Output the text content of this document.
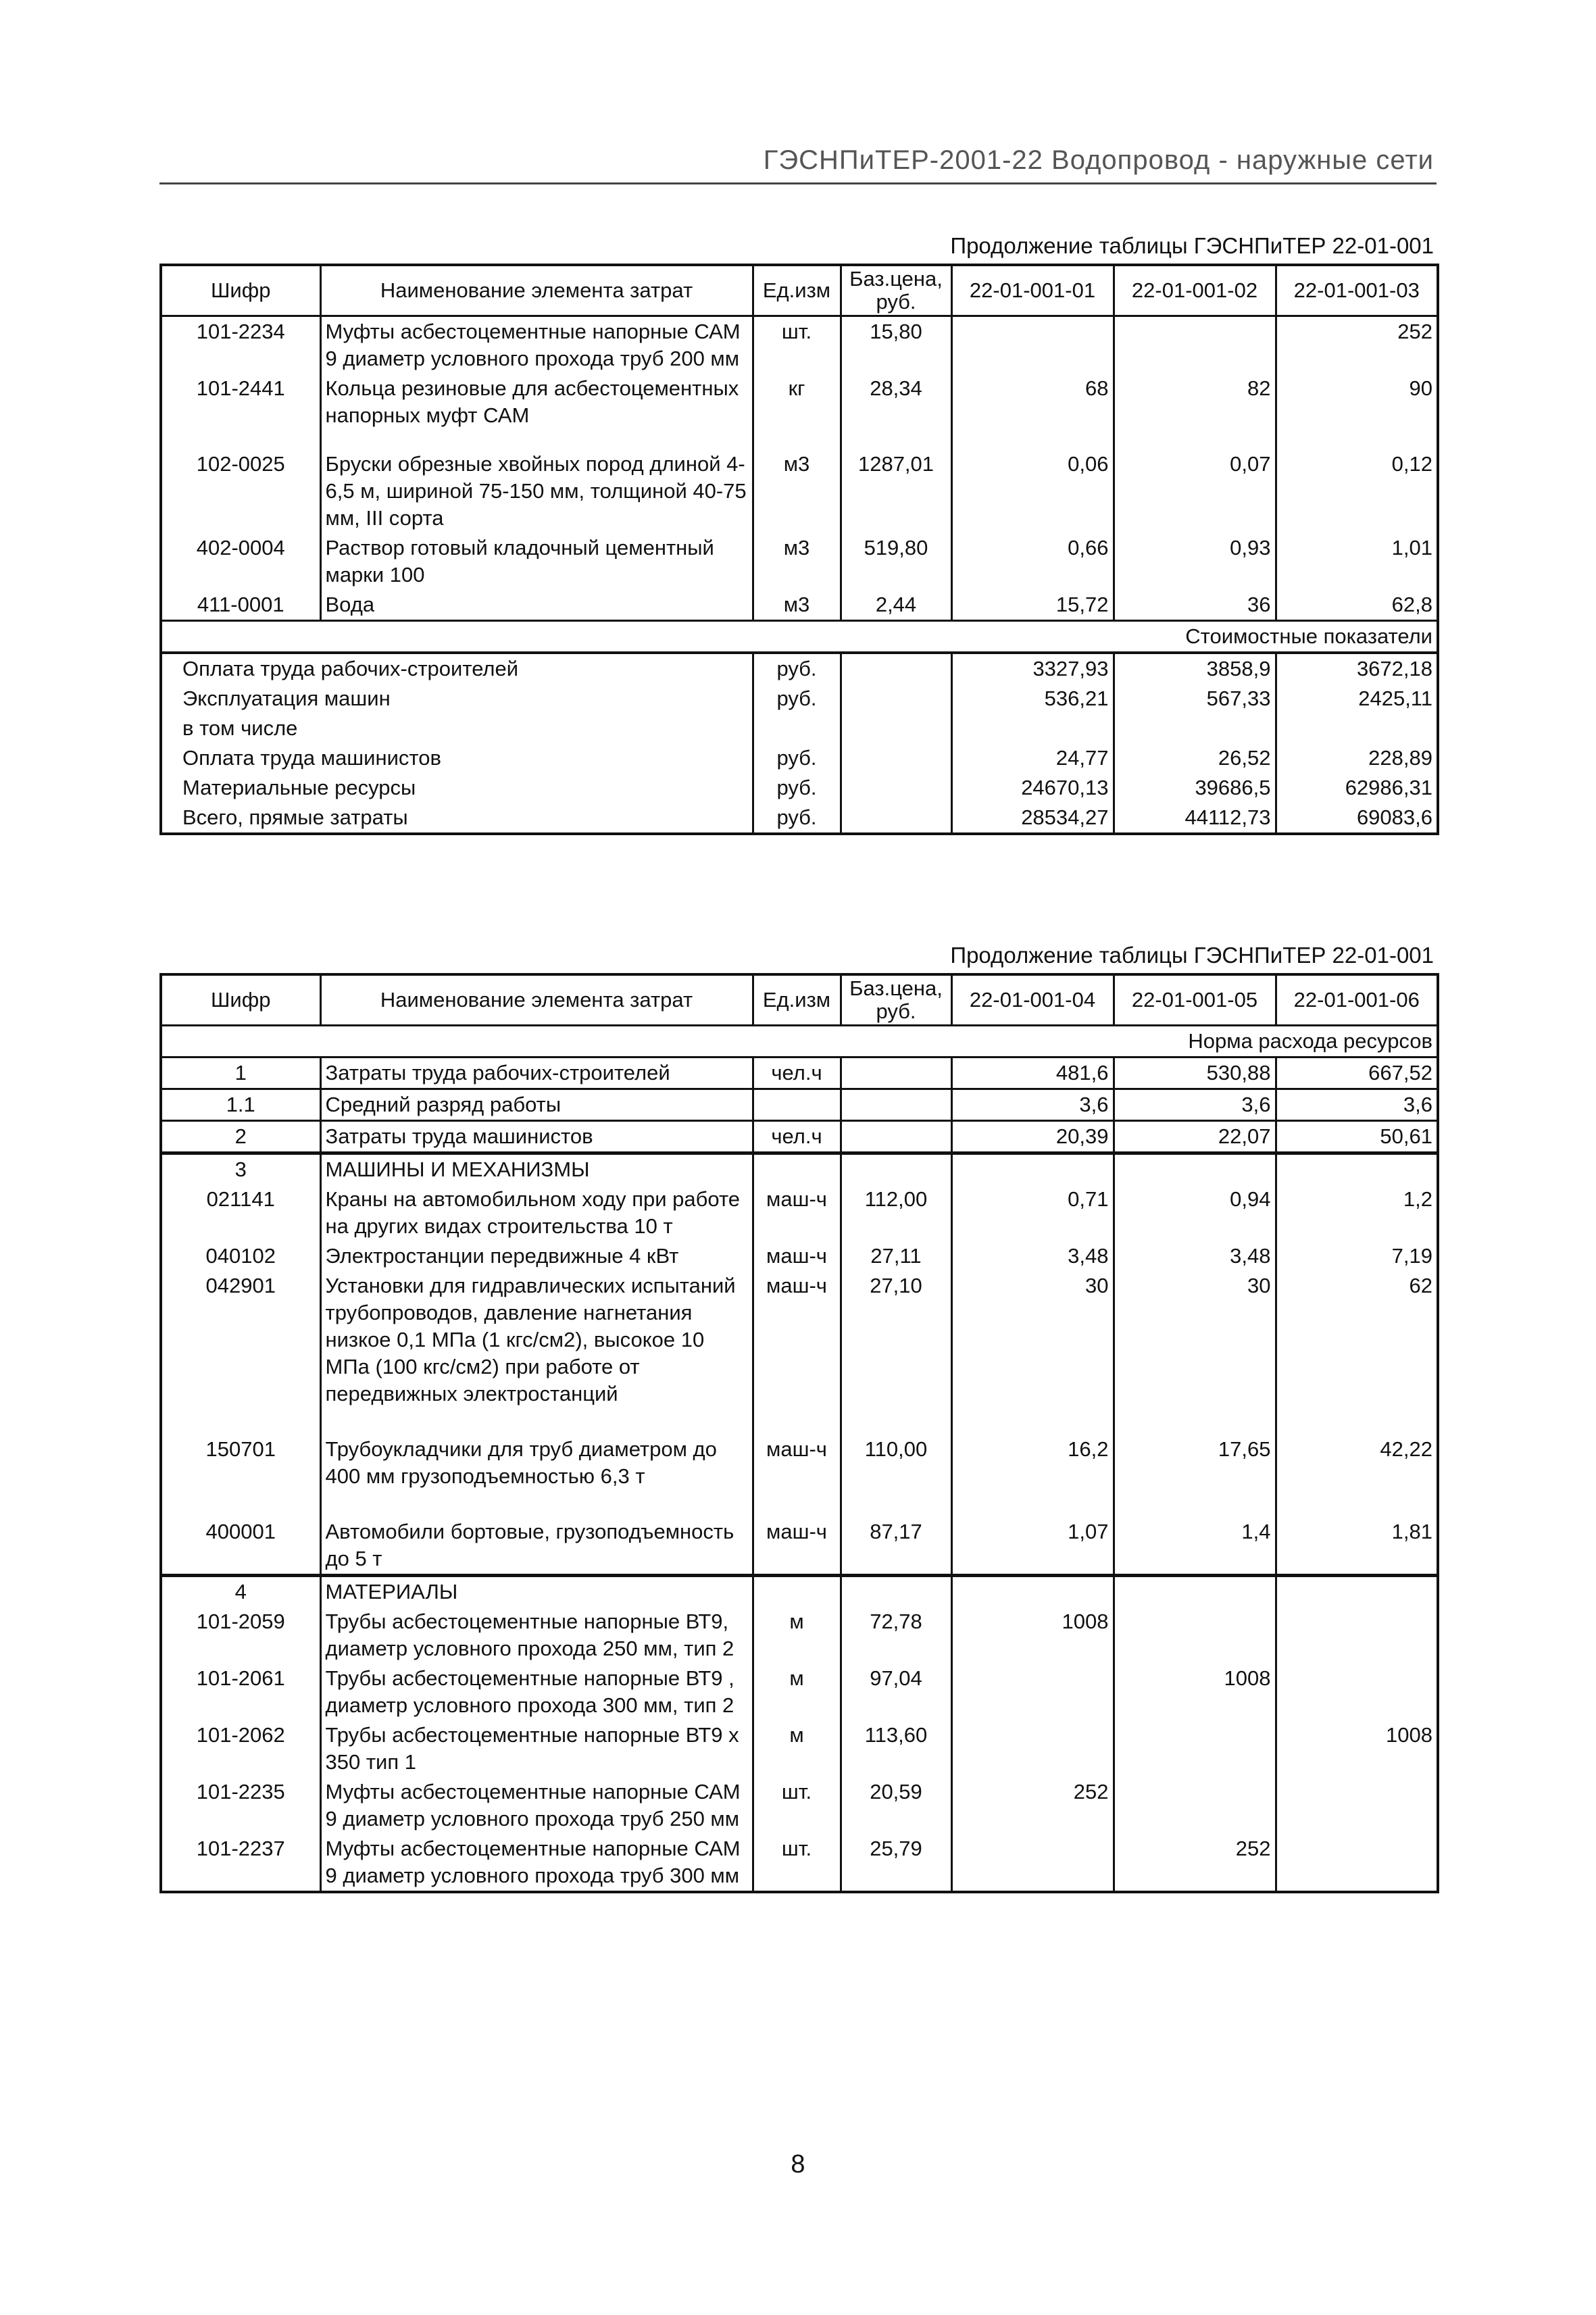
ГЭСНПиТЕР-2001-22 Водопровод - наружные сети
Продолжение таблицы ГЭСНПиТЕР 22-01-001
Шифр	Наименование элемента затрат	Ед.изм	Баз.цена, руб.	22-01-001-01	22-01-001-02	22-01-001-03
101-2234	Муфты асбестоцементные напорные САМ 9 диаметр условного прохода труб 200 мм	шт.	15,80			252
101-2441	Кольца резиновые для асбестоцементных напорных муфт САМ	кг	28,34	68	82	90
102-0025	Бруски обрезные хвойных пород длиной 4-6,5 м, шириной 75-150 мм, толщиной 40-75 мм, III сорта	м3	1287,01	0,06	0,07	0,12
402-0004	Раствор готовый кладочный цементный марки 100	м3	519,80	0,66	0,93	1,01
411-0001	Вода	м3	2,44	15,72	36	62,8
Стоимостные показатели						
Оплата труда рабочих-строителей		руб.		3327,93	3858,9	3672,18
Эксплуатация машин		руб.		536,21	567,33	2425,11
в том числе						
Оплата труда машинистов		руб.		24,77	26,52	228,89
Материальные ресурсы		руб.		24670,13	39686,5	62986,31
Всего, прямые затраты		руб.		28534,27	44112,73	69083,6
Продолжение таблицы ГЭСНПиТЕР 22-01-001
Шифр	Наименование элемента затрат	Ед.изм	Баз.цена, руб.	22-01-001-04	22-01-001-05	22-01-001-06
Норма расхода ресурсов						
1	Затраты труда рабочих-строителей	чел.ч		481,6	530,88	667,52
1.1	Средний разряд работы			3,6	3,6	3,6
2	Затраты труда машинистов	чел.ч		20,39	22,07	50,61
3	МАШИНЫ И МЕХАНИЗМЫ					
021141	Краны на автомобильном ходу при работе на других видах строительства 10 т	маш-ч	112,00	0,71	0,94	1,2
040102	Электростанции передвижные 4 кВт	маш-ч	27,11	3,48	3,48	7,19
042901	Установки для гидравлических испытаний трубопроводов, давление нагнетания низкое 0,1 МПа (1 кгс/см2), высокое 10 МПа (100 кгс/см2) при работе от передвижных электростанций	маш-ч	27,10	30	30	62
150701	Трубоукладчики для труб диаметром до 400 мм грузоподъемностью 6,3 т	маш-ч	110,00	16,2	17,65	42,22
400001	Автомобили бортовые, грузоподъемность до 5 т	маш-ч	87,17	1,07	1,4	1,81
4	МАТЕРИАЛЫ					
101-2059	Трубы асбестоцементные напорные ВТ9, диаметр условного прохода 250 мм, тип 2	м	72,78	1008		
101-2061	Трубы асбестоцементные напорные ВТ9 , диаметр условного прохода 300 мм, тип 2	м	97,04		1008	
101-2062	Трубы асбестоцементные напорные ВТ9 х 350 тип 1	м	113,60			1008
101-2235	Муфты асбестоцементные напорные САМ 9 диаметр условного прохода труб 250 мм	шт.	20,59	252		
101-2237	Муфты асбестоцементные напорные САМ 9 диаметр условного прохода труб 300 мм	шт.	25,79		252	
8
